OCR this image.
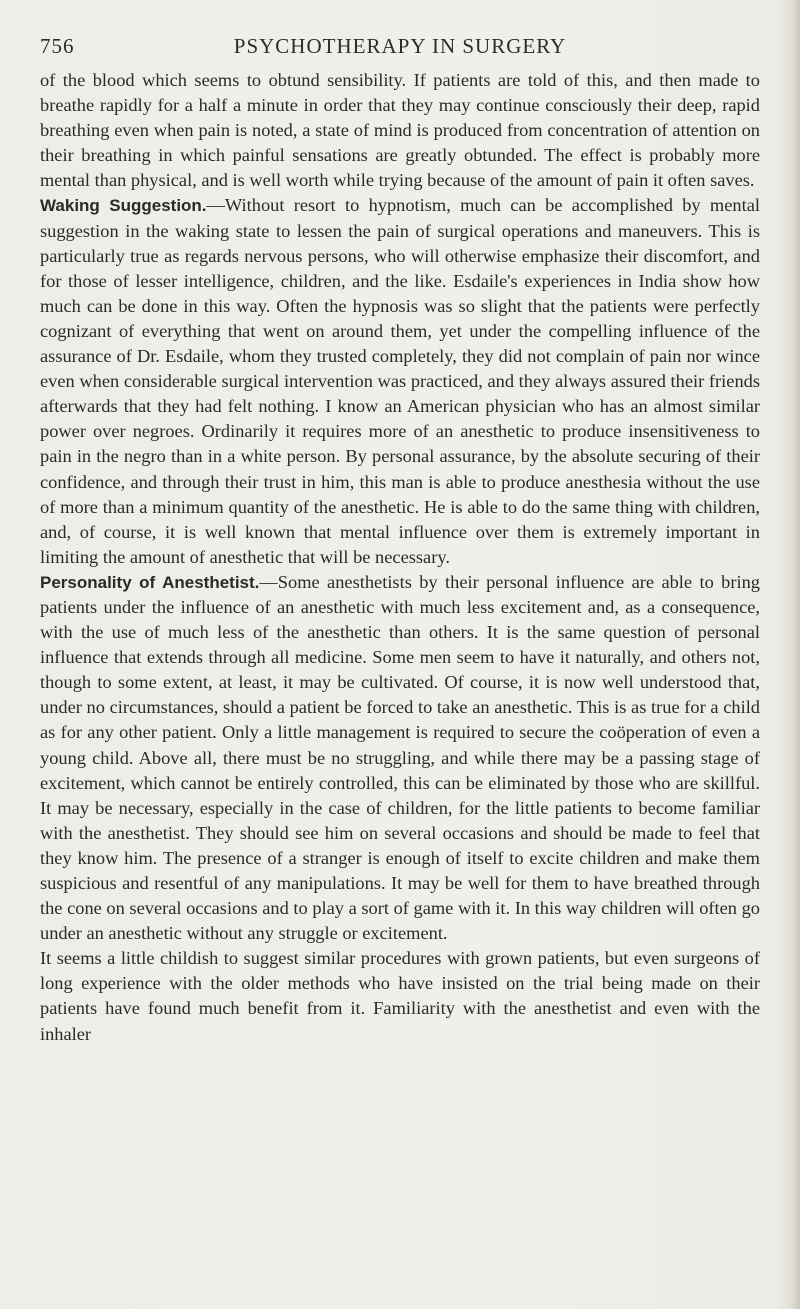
756	PSYCHOTHERAPY IN SURGERY

of the blood which seems to obtund sensibility. If patients are told of this, and then made to breathe rapidly for a half a minute in order that they may continue consciously their deep, rapid breathing even when pain is noted, a state of mind is produced from concentration of attention on their breathing in which painful sensations are greatly obtunded. The effect is probably more mental than physical, and is well worth while trying because of the amount of pain it often saves.

Waking Suggestion.—Without resort to hypnotism, much can be accomplished by mental suggestion in the waking state to lessen the pain of surgical operations and maneuvers. This is particularly true as regards nervous persons, who will otherwise emphasize their discomfort, and for those of lesser intelligence, children, and the like. Esdaile's experiences in India show how much can be done in this way. Often the hypnosis was so slight that the patients were perfectly cognizant of everything that went on around them, yet under the compelling influence of the assurance of Dr. Esdaile, whom they trusted completely, they did not complain of pain nor wince even when considerable surgical intervention was practiced, and they always assured their friends afterwards that they had felt nothing. I know an American physician who has an almost similar power over negroes. Ordinarily it requires more of an anesthetic to produce insensitiveness to pain in the negro than in a white person. By personal assurance, by the absolute securing of their confidence, and through their trust in him, this man is able to produce anesthesia without the use of more than a minimum quantity of the anesthetic. He is able to do the same thing with children, and, of course, it is well known that mental influence over them is extremely important in limiting the amount of anesthetic that will be necessary.

Personality of Anesthetist.—Some anesthetists by their personal influence are able to bring patients under the influence of an anesthetic with much less excitement and, as a consequence, with the use of much less of the anesthetic than others. It is the same question of personal influence that extends through all medicine. Some men seem to have it naturally, and others not, though to some extent, at least, it may be cultivated. Of course, it is now well understood that, under no circumstances, should a patient be forced to take an anesthetic. This is as true for a child as for any other patient. Only a little management is required to secure the coöperation of even a young child. Above all, there must be no struggling, and while there may be a passing stage of excitement, which cannot be entirely controlled, this can be eliminated by those who are skillful. It may be necessary, especially in the case of children, for the little patients to become familiar with the anesthetist. They should see him on several occasions and should be made to feel that they know him. The presence of a stranger is enough of itself to excite children and make them suspicious and resentful of any manipulations. It may be well for them to have breathed through the cone on several occasions and to play a sort of game with it. In this way children will often go under an anesthetic without any struggle or excitement.

It seems a little childish to suggest similar procedures with grown patients, but even surgeons of long experience with the older methods who have insisted on the trial being made on their patients have found much benefit from it. Familiarity with the anesthetist and even with the inhaler
